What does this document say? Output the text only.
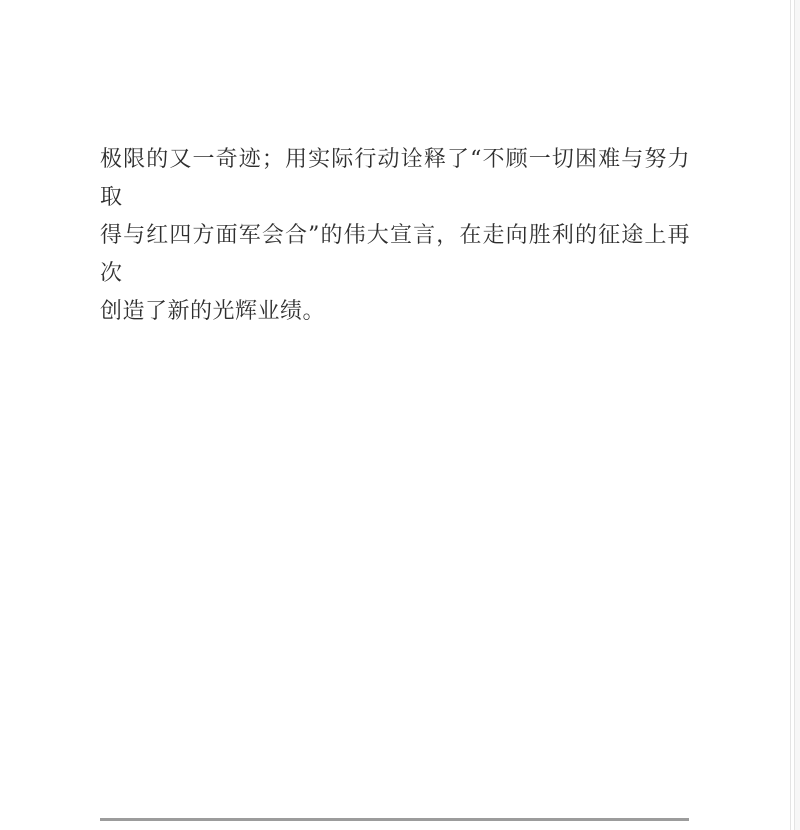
极限的又一奇迹；用实际行动诠释了“不顾一切困难与努力取
得与红四方面军会合”的伟大宣言，在走向胜利的征途上再次
创造了新的光辉业绩。
